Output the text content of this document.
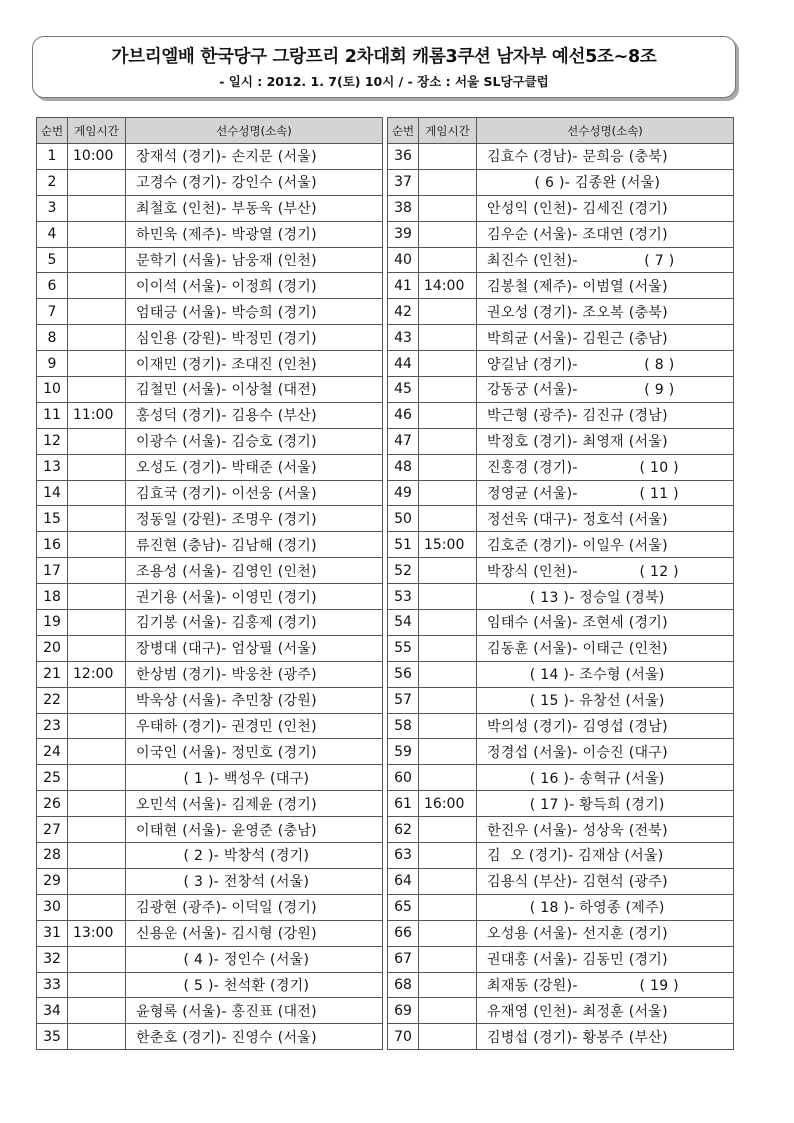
가브리엘배 한국당구 그랑프리 2차대회 캐롬3쿠션 남자부 예선5조~8조
- 일시 : 2012. 1. 7(토) 10시 / - 장소 : 서울 SL당구클럽
순번	게임시간	선수성명(소속)
1	10:00	장재석 (경기)- 손지문 (서울)
2		고경수 (경기)- 강인수 (서울)
3		최철호 (인천)- 부동욱 (부산)
4		하민욱 (제주)- 박광열 (경기)
5		문학기 (서울)- 남웅재 (인천)
6		이이석 (서울)- 이정희 (경기)
7		엄태긍 (서울)- 박승희 (경기)
8		심인용 (강원)- 박정민 (경기)
9		이재민 (경기)- 조대진 (인천)
10		김철민 (서울)- 이상철 (대전)
11	11:00	홍성덕 (경기)- 김용수 (부산)
12		이광수 (서울)- 김승호 (경기)
13		오성도 (경기)- 박태준 (서울)
14		김효국 (경기)- 이선웅 (서울)
15		정동일 (강원)- 조명우 (경기)
16		류진현 (충남)- 김남해 (경기)
17		조용성 (서울)- 김영인 (인천)
18		권기용 (서울)- 이영민 (경기)
19		김기봉 (서울)- 김홍제 (경기)
20		장병대 (대구)- 엄상필 (서울)
21	12:00	한상범 (경기)- 박웅찬 (광주)
22		박욱상 (서울)- 추민창 (강원)
23		우태하 (경기)- 권경민 (인천)
24		이국인 (서울)- 정민호 (경기)
25		( 1 )- 백성우 (대구)
26		오민석 (서울)- 김제윤 (경기)
27		이태현 (서울)- 윤영준 (충남)
28		( 2 )- 박창석 (경기)
29		( 3 )- 전창석 (서울)
30		김광현 (광주)- 이덕일 (경기)
31	13:00	신용운 (서울)- 김시형 (강원)
32		( 4 )- 정인수 (서울)
33		( 5 )- 천석환 (경기)
34		윤형록 (서울)- 홍진표 (대전)
35		한춘호 (경기)- 진영수 (서울)
순번	게임시간	선수성명(소속)
36		김효수 (경남)- 문희응 (충북)
37		( 6 )- 김종완 (서울)
38		안성익 (인천)- 김세진 (경기)
39		김우순 (서울)- 조대연 (경기)
40		최진수 (인천)-              ( 7 )
41	14:00	김봉철 (제주)- 이범열 (서울)
42		권오성 (경기)- 조오복 (충북)
43		박희균 (서울)- 김원근 (충남)
44		양길남 (경기)-              ( 8 )
45		강동궁 (서울)-              ( 9 )
46		박근형 (광주)- 김진규 (경남)
47		박정호 (경기)- 최영재 (서울)
48		진홍경 (경기)-             ( 10 )
49		정영균 (서울)-             ( 11 )
50		정선욱 (대구)- 정호석 (서울)
51	15:00	김호준 (경기)- 이일우 (서울)
52		박장식 (인천)-             ( 12 )
53		( 13 )- 정승일 (경북)
54		임태수 (서울)- 조현세 (경기)
55		김동훈 (서울)- 이태근 (인천)
56		( 14 )- 조수형 (서울)
57		( 15 )- 유창선 (서울)
58		박의성 (경기)- 김영섭 (경남)
59		정경섭 (서울)- 이승진 (대구)
60		( 16 )- 송혁규 (서울)
61	16:00	( 17 )- 황득희 (경기)
62		한진우 (서울)- 성상욱 (전북)
63		김  오 (경기)- 김재삼 (서울)
64		김용식 (부산)- 김현석 (광주)
65		( 18 )- 하영종 (제주)
66		오성용 (서울)- 선지훈 (경기)
67		권대홍 (서울)- 김동민 (경기)
68		최재동 (강원)-             ( 19 )
69		유재영 (인천)- 최정훈 (서울)
70		김병섭 (경기)- 황봉주 (부산)
